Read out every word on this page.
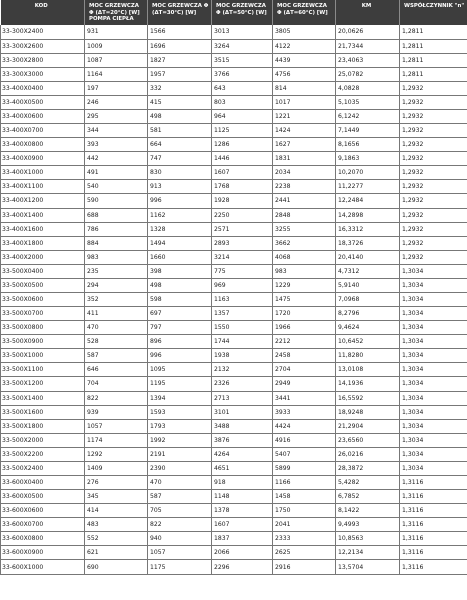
KOD	MOC GRZEWCZA Φ (ΔT=20°C) [W] POMPA CIEPŁA	MOC GRZEWCZA Φ (ΔT=30°C) [W]	MOC GRZEWCZA Φ (ΔT=50°C) [W]	MOC GRZEWCZA Φ (ΔT=60°C) [W]	KM	WSPÓŁCZYNNIK "n"
33-300X2400	931	1566	3013	3805	20,0626	1,2811
33-300X2600	1009	1696	3264	4122	21,7344	1,2811
33-300X2800	1087	1827	3515	4439	23,4063	1,2811
33-300X3000	1164	1957	3766	4756	25,0782	1,2811
33-400X0400	197	332	643	814	4,0828	1,2932
33-400X0500	246	415	803	1017	5,1035	1,2932
33-400X0600	295	498	964	1221	6,1242	1,2932
33-400X0700	344	581	1125	1424	7,1449	1,2932
33-400X0800	393	664	1286	1627	8,1656	1,2932
33-400X0900	442	747	1446	1831	9,1863	1,2932
33-400X1000	491	830	1607	2034	10,2070	1,2932
33-400X1100	540	913	1768	2238	11,2277	1,2932
33-400X1200	590	996	1928	2441	12,2484	1,2932
33-400X1400	688	1162	2250	2848	14,2898	1,2932
33-400X1600	786	1328	2571	3255	16,3312	1,2932
33-400X1800	884	1494	2893	3662	18,3726	1,2932
33-400X2000	983	1660	3214	4068	20,4140	1,2932
33-500X0400	235	398	775	983	4,7312	1,3034
33-500X0500	294	498	969	1229	5,9140	1,3034
33-500X0600	352	598	1163	1475	7,0968	1,3034
33-500X0700	411	697	1357	1720	8,2796	1,3034
33-500X0800	470	797	1550	1966	9,4624	1,3034
33-500X0900	528	896	1744	2212	10,6452	1,3034
33-500X1000	587	996	1938	2458	11,8280	1,3034
33-500X1100	646	1095	2132	2704	13,0108	1,3034
33-500X1200	704	1195	2326	2949	14,1936	1,3034
33-500X1400	822	1394	2713	3441	16,5592	1,3034
33-500X1600	939	1593	3101	3933	18,9248	1,3034
33-500X1800	1057	1793	3488	4424	21,2904	1,3034
33-500X2000	1174	1992	3876	4916	23,6560	1,3034
33-500X2200	1292	2191	4264	5407	26,0216	1,3034
33-500X2400	1409	2390	4651	5899	28,3872	1,3034
33-600X0400	276	470	918	1166	5,4282	1,3116
33-600X0500	345	587	1148	1458	6,7852	1,3116
33-600X0600	414	705	1378	1750	8,1422	1,3116
33-600X0700	483	822	1607	2041	9,4993	1,3116
33-600X0800	552	940	1837	2333	10,8563	1,3116
33-600X0900	621	1057	2066	2625	12,2134	1,3116
33-600X1000	690	1175	2296	2916	13,5704	1,3116
